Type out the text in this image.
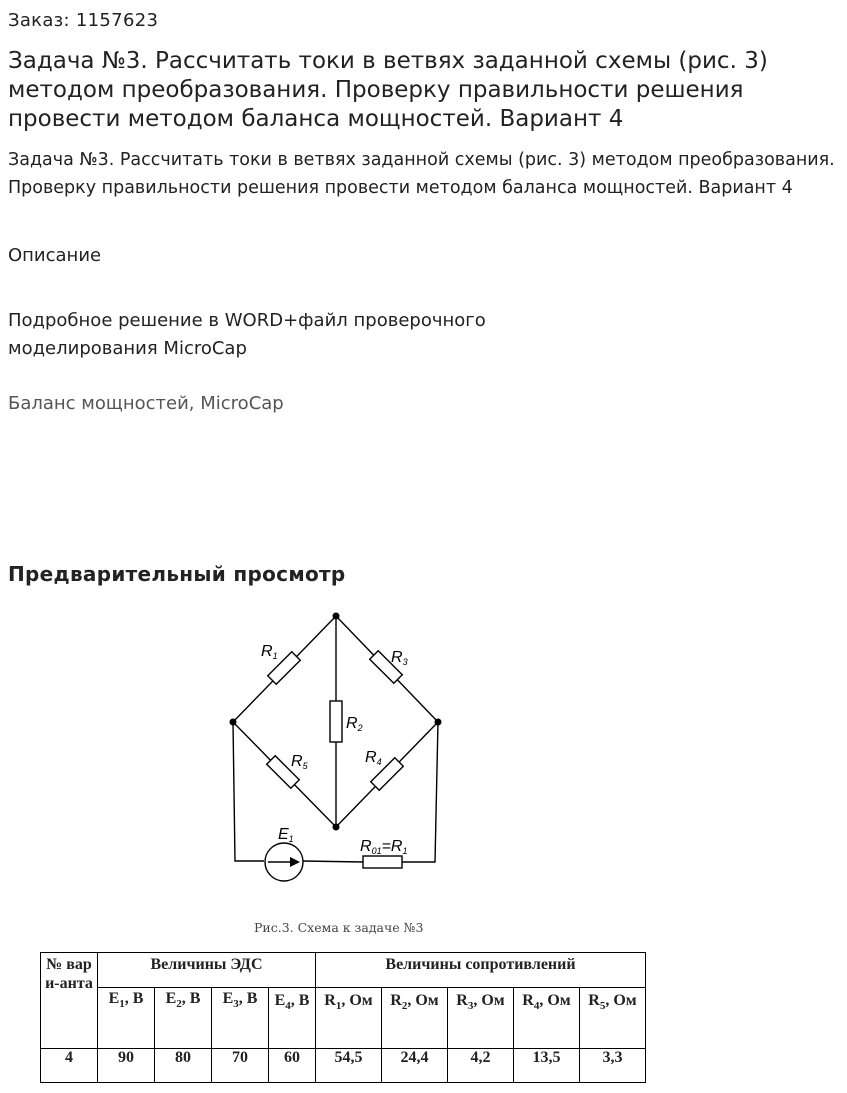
Заказ: 1157623
Задача №3. Рассчитать токи в ветвях заданной схемы (рис. 3) методом преобразования. Проверку правильности решения провести методом баланса мощностей. Вариант 4
Задача №3. Рассчитать токи в ветвях заданной схемы (рис. 3) методом преобразования. Проверку правильности решения провести методом баланса мощностей. Вариант 4
Описание
Подробное решение в WORD+файл проверочного
моделирования MicroCap
Баланс мощностей, MicroCap
Предварительный просмотр
R1	R3
R2
R4
R5
E1	R01=R1
Рис.3. Схема к задаче №3
№ вари-анта	Величины ЭДС				Величины сопротивлений				
	$E_1$, В	$E_2$, В	$E_3$, В	$E_4$, В	$R_1$, Ом	$R_2$, Ом	$R_3$, Ом	$R_4$, Ом	$R_5$, Ом
4	90	80	70	60	54,5	24,4	4,2	13,5	3,3
